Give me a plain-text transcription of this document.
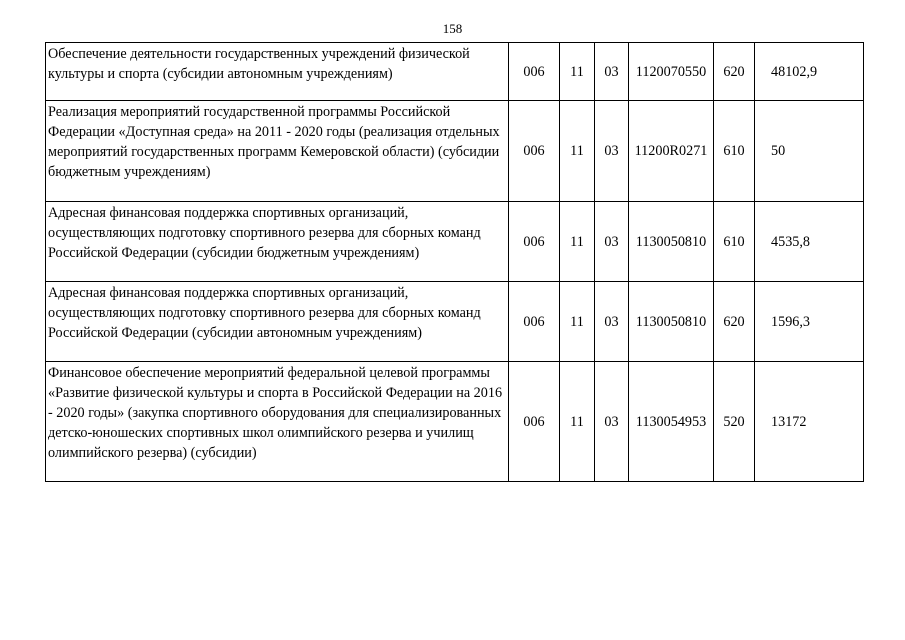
158
Обеспечение деятельности государственных учреждений физической культуры и спорта (субсидии автономным учреждениям)	006	11	03	1120070550	620	48102,9
Реализация мероприятий государственной программы Российской Федерации «Доступная среда» на 2011 - 2020 годы (реализация отдельных мероприятий государственных программ Кемеровской области) (субсидии бюджетным учреждениям)	006	11	03	11200R0271	610	50
Адресная финансовая поддержка спортивных организаций, осуществляющих подготовку спортивного резерва для сборных команд Российской Федерации (субсидии бюджетным учреждениям)	006	11	03	1130050810	610	4535,8
Адресная финансовая поддержка спортивных организаций, осуществляющих подготовку спортивного резерва для сборных команд Российской Федерации (субсидии автономным учреждениям)	006	11	03	1130050810	620	1596,3
Финансовое обеспечение мероприятий федеральной целевой программы «Развитие физической культуры и спорта в Российской Федерации на 2016 - 2020 годы» (закупка спортивного оборудования для специализированных детско-юношеских спортивных школ олимпийского резерва и училищ олимпийского резерва) (субсидии)	006	11	03	1130054953	520	13172
